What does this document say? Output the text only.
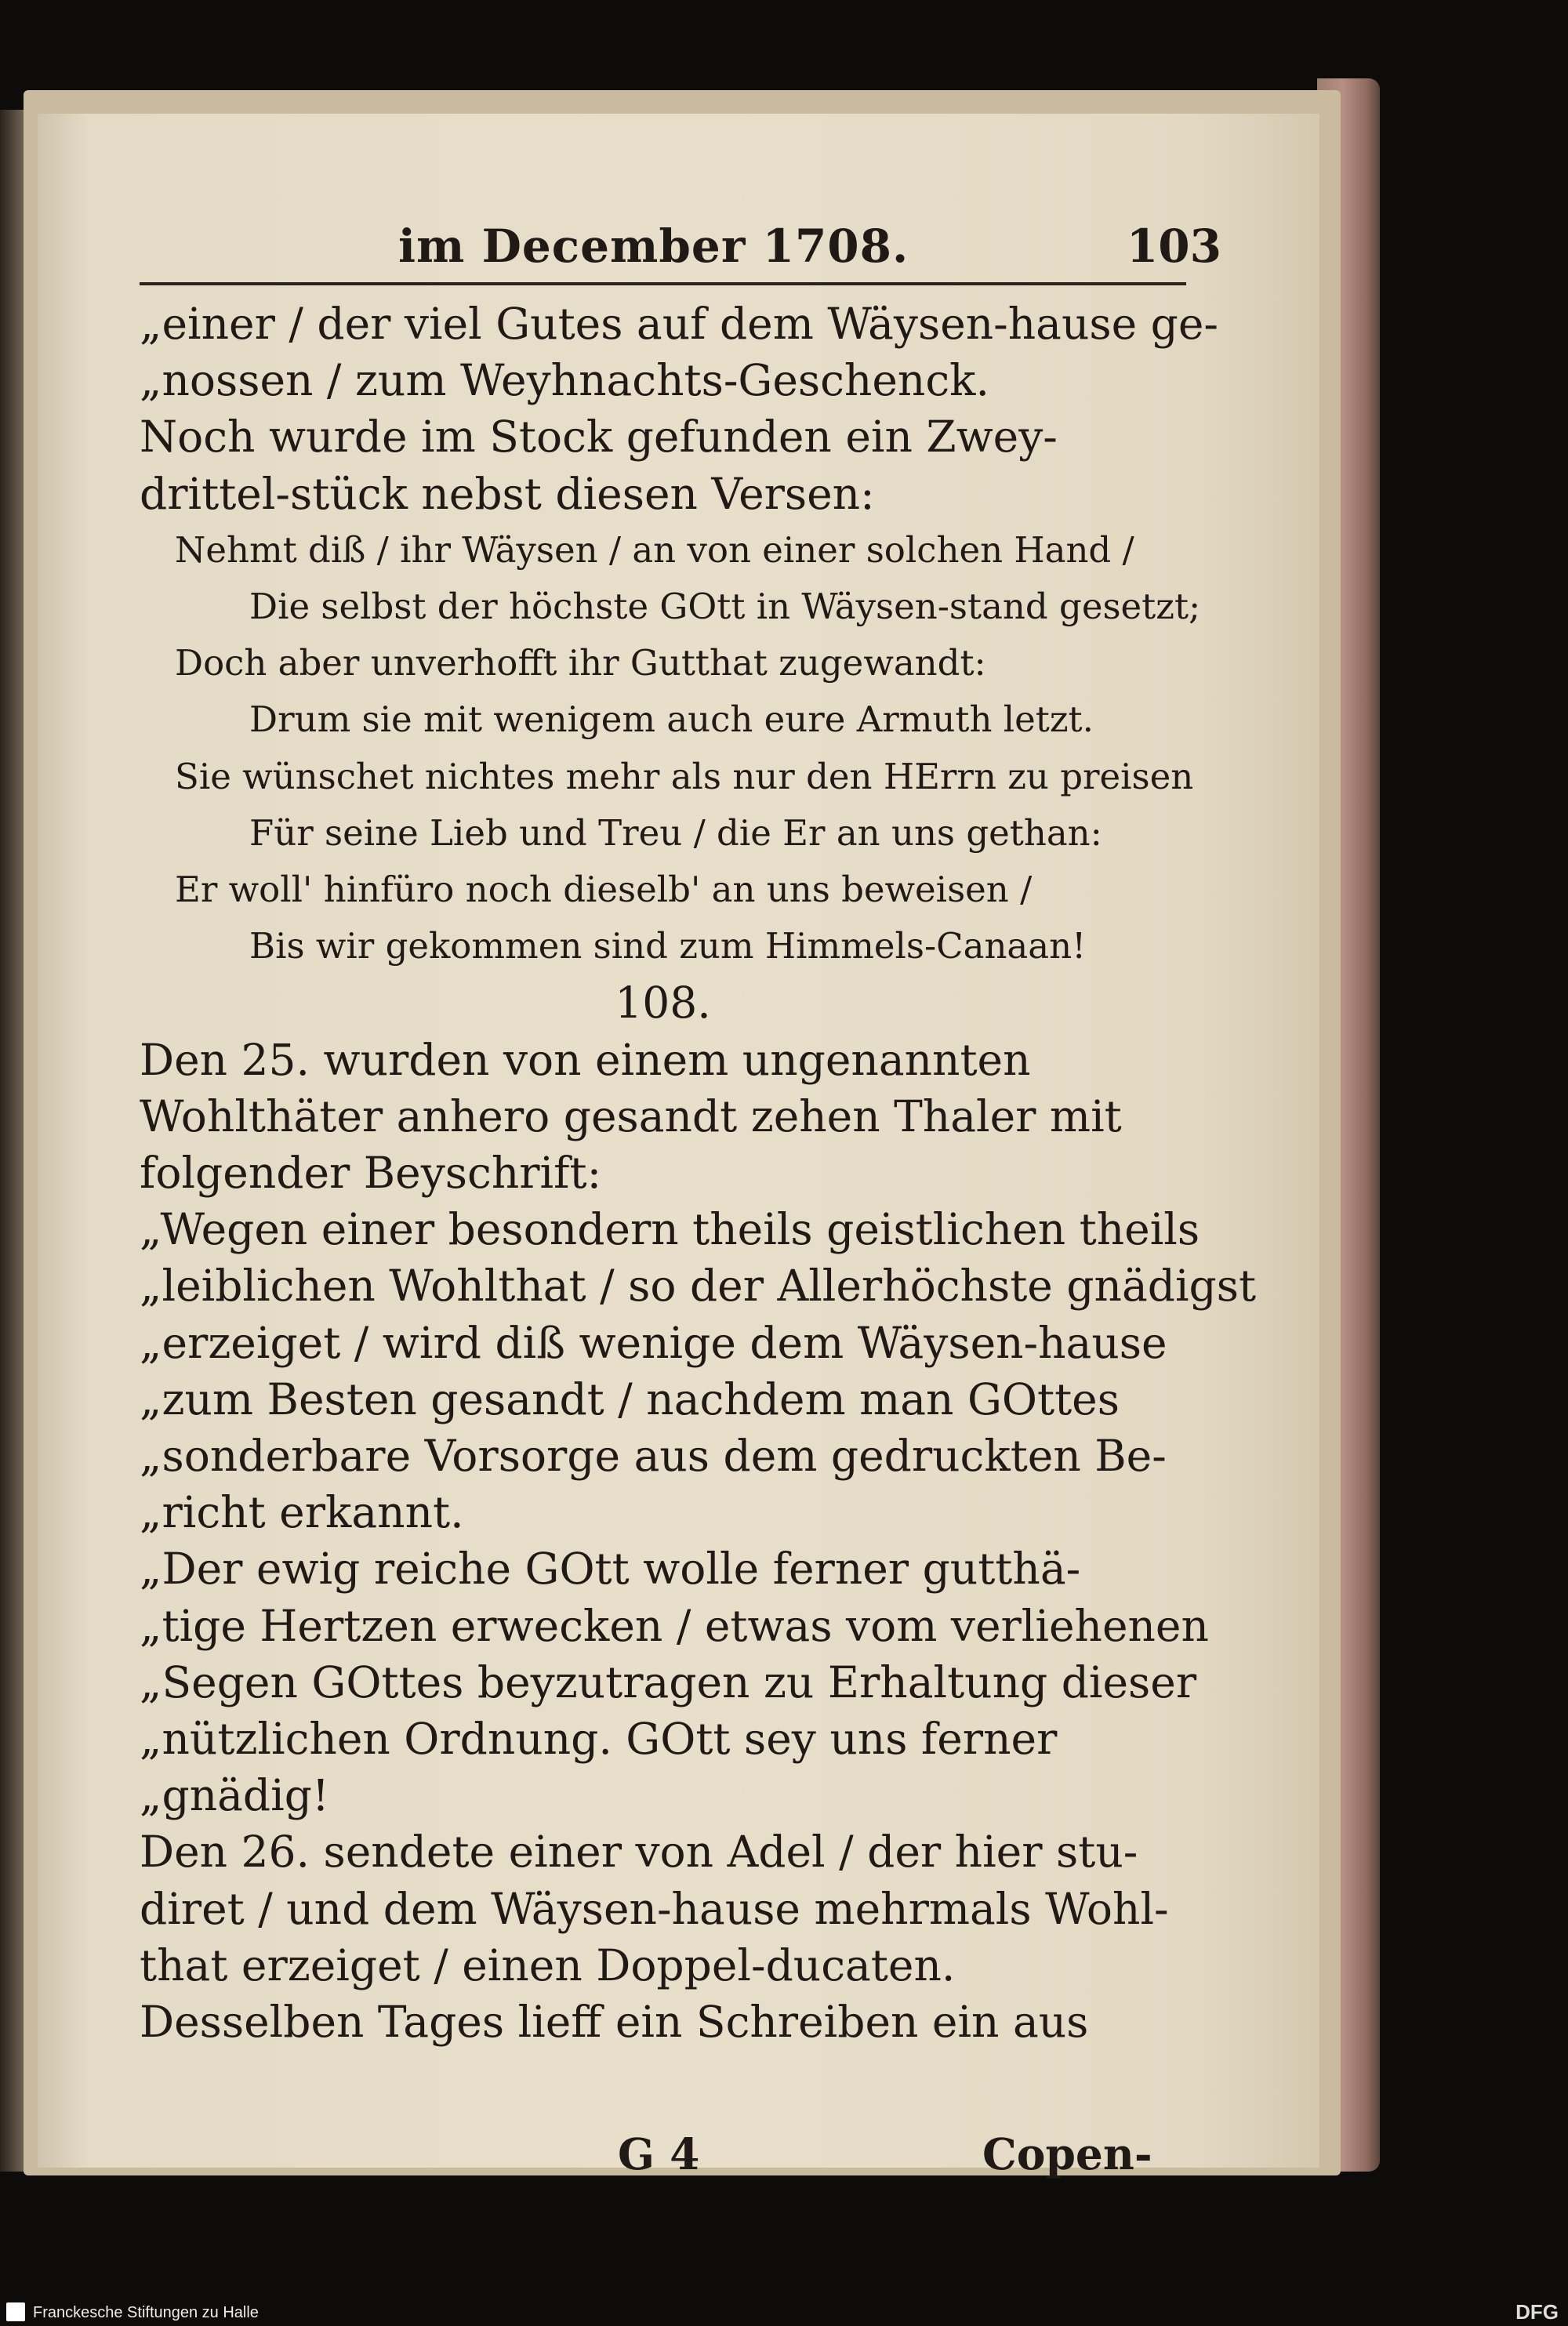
im December 1708.	103
„einer / der viel Gutes auf dem Wäysen-hause ge-
„nossen / zum Weyhnachts-Geschenck.
Noch wurde im Stock gefunden ein Zwey-
drittel-stück nebst diesen Versen:
Nehmt diß / ihr Wäysen / an von einer solchen Hand /
Die selbst der höchste GOtt in Wäysen-stand gesetzt;
Doch aber unverhofft ihr Gutthat zugewandt:
Drum sie mit wenigem auch eure Armuth letzt.
Sie wünschet nichtes mehr als nur den HErrn zu preisen
Für seine Lieb und Treu / die Er an uns gethan:
Er woll' hinfüro noch dieselb' an uns beweisen /
Bis wir gekommen sind zum Himmels-Canaan!
108.
Den 25. wurden von einem ungenannten
Wohlthäter anhero gesandt zehen Thaler mit
folgender Beyschrift:
„Wegen einer besondern theils geistlichen theils
„leiblichen Wohlthat / so der Allerhöchste gnädigst
„erzeiget / wird diß wenige dem Wäysen-hause
„zum Besten gesandt / nachdem man GOttes
„sonderbare Vorsorge aus dem gedruckten Be-
„richt erkannt.
„Der ewig reiche GOtt wolle ferner gutthä-
„tige Hertzen erwecken / etwas vom verliehenen
„Segen GOttes beyzutragen zu Erhaltung dieser
„nützlichen Ordnung. GOtt sey uns ferner
„gnädig!
Den 26. sendete einer von Adel / der hier stu-
diret / und dem Wäysen-hause mehrmals Wohl-
that erzeiget / einen Doppel-ducaten.
Desselben Tages lieff ein Schreiben ein aus
G 4	Copen-
Franckesche Stiftungen zu Halle	DFG
